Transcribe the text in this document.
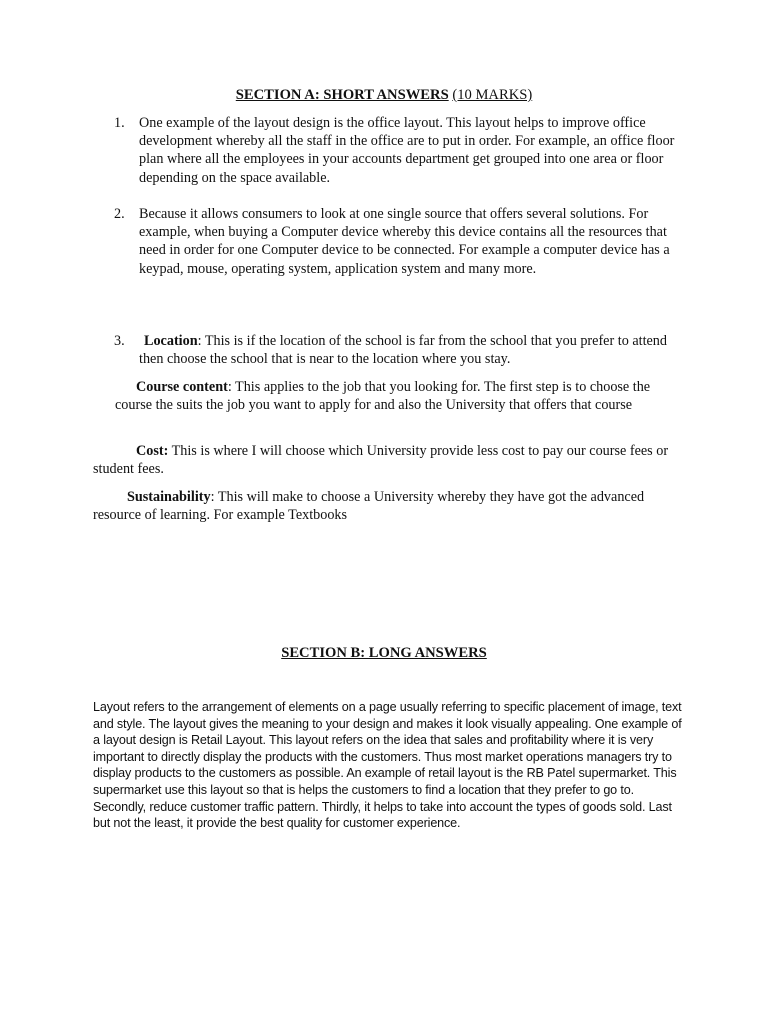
SECTION A: SHORT ANSWERS (10 MARKS)
1. One example of the layout design is the office layout. This layout helps to improve office development whereby all the staff in the office are to put in order. For example, an office floor plan where all the employees in your accounts department get grouped into one area or floor depending on the space available.
2. Because it allows consumers to look at one single source that offers several solutions. For example, when buying a Computer device whereby this device contains all the resources that need in order for one Computer device to be connected. For example a computer device has a keypad, mouse, operating system, application system and many more.
3.	Location: This is if the location of the school is far from the school that you prefer to attend then choose the school that is near to the location where you stay.
Course content: This applies to the job that you looking for. The first step is to choose the course the suits the job you want to apply for and also the University that offers that course
Cost: This is where I will choose which University provide less cost to pay our course fees or student fees.
Sustainability: This will make to choose a University whereby they have got the advanced resource of learning. For example Textbooks
SECTION B: LONG ANSWERS
Layout refers to the arrangement of elements on a page usually referring to specific placement of image, text and style. The layout gives the meaning to your design and makes it look visually appealing. One example of a layout design is Retail Layout. This layout refers on the idea that sales and profitability where it is very important to directly display the products with the customers. Thus most market operations managers try to display products to the customers as possible. An example of retail layout is the RB Patel supermarket. This supermarket use this layout so that is helps the customers to find a location that they prefer to go to. Secondly, reduce customer traffic pattern. Thirdly, it helps to take into account the types of goods sold. Last but not the least, it provide the best quality for customer experience.
